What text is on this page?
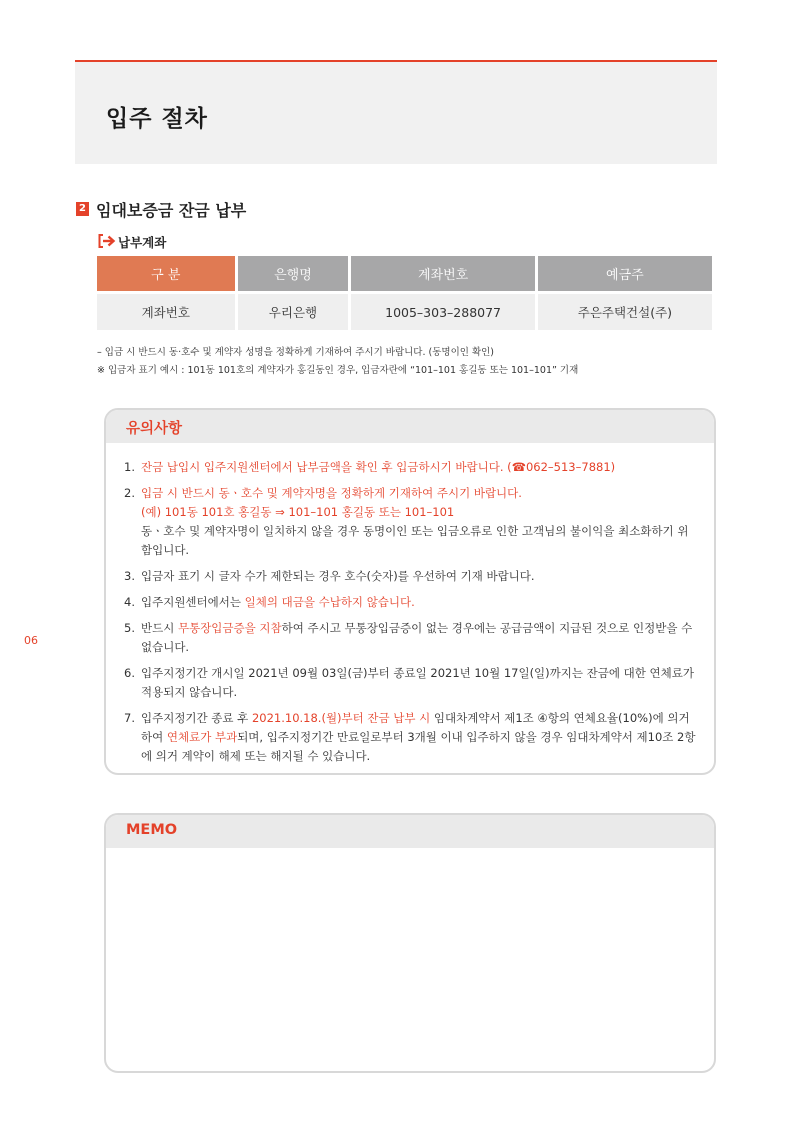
입주 절차
2 임대보증금 잔금 납부
납부계좌
구 분	은행명	계좌번호	예금주
계좌번호	우리은행	1005–303–288077	주은주택건설(주)
– 입금 시 반드시 동·호수 및 계약자 성명을 정확하게 기재하여 주시기 바랍니다. (동명이인 확인)
※ 입금자 표기 예시 : 101동 101호의 계약자가 홍길동인 경우, 입금자란에 “101–101 홍길동 또는 101–101” 기재
유의사항
1. 잔금 납입시 입주지원센터에서 납부금액을 확인 후 입금하시기 바랍니다. (☎062–513–7881)
2. 입금 시 반드시 동ㆍ호수 및 계약자명을 정확하게 기재하여 주시기 바랍니다.
(예) 101동 101호 홍길동 ⇒ 101–101 홍길동 또는 101–101
동ㆍ호수 및 계약자명이 일치하지 않을 경우 동명이인 또는 입금오류로 인한 고객님의 불이익을 최소화하기 위함입니다.
3. 입금자 표기 시 글자 수가 제한되는 경우 호수(숫자)를 우선하여 기재 바랍니다.
4. 입주지원센터에서는 일체의 대금을 수납하지 않습니다.
5. 반드시 무통장입금증을 지참하여 주시고 무통장입금증이 없는 경우에는 공급금액이 지급된 것으로 인정받을 수 없습니다.
6. 입주지정기간 개시일 2021년 09월 03일(금)부터 종료일 2021년 10월 17일(일)까지는 잔금에 대한 연체료가 적용되지 않습니다.
7. 입주지정기간 종료 후 2021.10.18.(월)부터 잔금 납부 시 임대차계약서 제1조 ④항의 연체요율(10%)에 의거하여 연체료가 부과되며, 입주지정기간 만료일로부터 3개월 이내 입주하지 않을 경우 임대차계약서 제10조 2항에 의거 계약이 해제 또는 해지될 수 있습니다.
MEMO
06
